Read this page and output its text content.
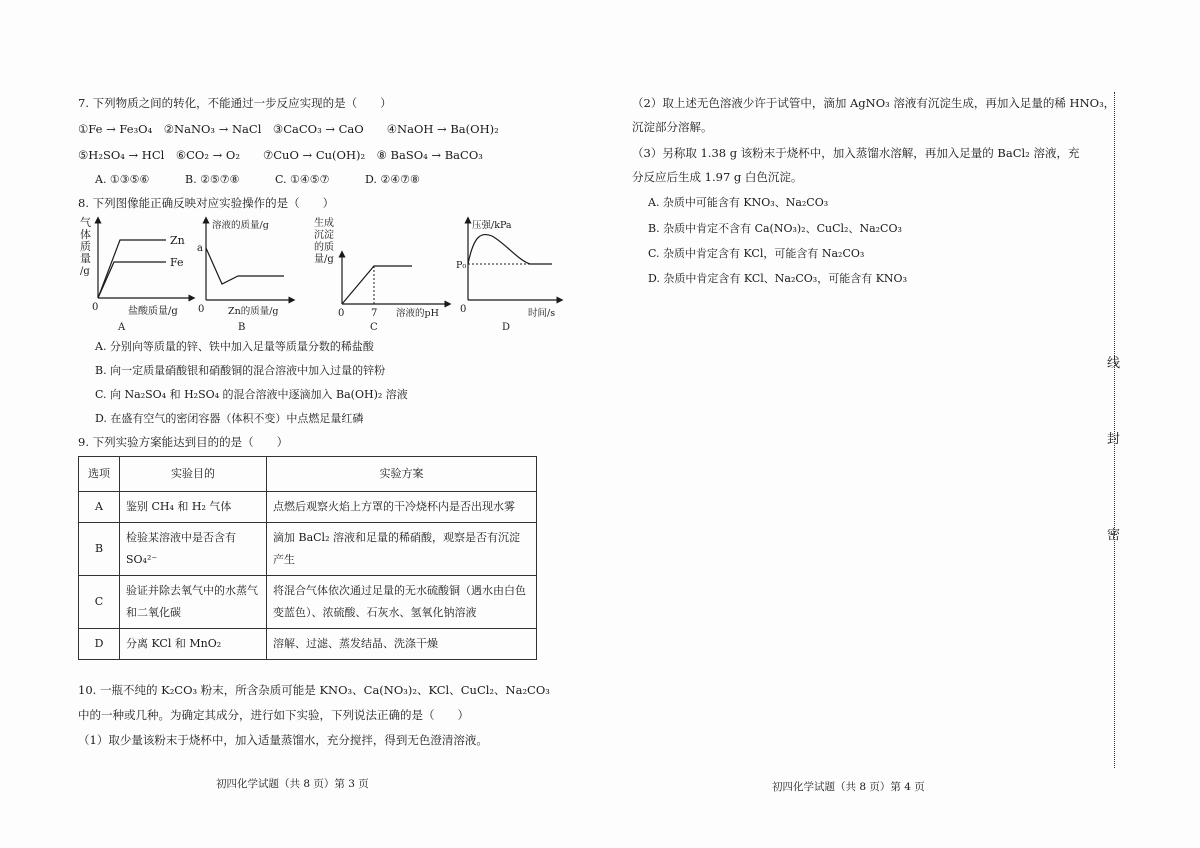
7. 下列物质之间的转化，不能通过一步反应实现的是（　　）
①Fe → Fe₃O₄　②NaNO₃ → NaCl　③CaCO₃ → CaO　　④NaOH → Ba(OH)₂
⑤H₂SO₄ → HCl　⑥CO₂ → O₂　　⑦CuO → Cu(OH)₂　⑧ BaSO₄ → BaCO₃
A. ①③⑤⑥	B. ②⑤⑦⑧	C. ①④⑤⑦	D. ②④⑦⑧
8. 下列图像能正确反映对应实验操作的是（　　）
气
体
质
量
/g
Zn
Fe
0	盐酸质量/g
A
溶液的质量/g
a
0 Zn的质量/g
B
生成
沉淀
的质
量/g
0	7 溶液的pH
C
压强/kPa
P₀
0	时间/s
D
A. 分别向等质量的锌、铁中加入足量等质量分数的稀盐酸
B. 向一定质量硝酸银和硝酸铜的混合溶液中加入过量的锌粉
C. 向 Na₂SO₄ 和 H₂SO₄ 的混合溶液中逐滴加入 Ba(OH)₂ 溶液
D. 在盛有空气的密闭容器（体积不变）中点燃足量红磷
9. 下列实验方案能达到目的的是（　　）
选项	实验目的	实验方案
A	鉴别 CH₄ 和 H₂ 气体	点燃后观察火焰上方罩的干冷烧杯内是否出现水雾
B	检验某溶液中是否含有 SO₄²⁻	滴加 BaCl₂ 溶液和足量的稀硝酸，观察是否有沉淀产生
C	验证并除去氧气中的水蒸气和二氧化碳	将混合气体依次通过足量的无水硫酸铜（遇水由白色变蓝色）、浓硫酸、石灰水、氢氧化钠溶液
D	分离 KCl 和 MnO₂	溶解、过滤、蒸发结晶、洗涤干燥
10. 一瓶不纯的 K₂CO₃ 粉末，所含杂质可能是 KNO₃、Ca(NO₃)₂、KCl、CuCl₂、Na₂CO₃
中的一种或几种。为确定其成分，进行如下实验，下列说法正确的是（　　）
（1）取少量该粉末于烧杯中，加入适量蒸馏水，充分搅拌，得到无色澄清溶液。
初四化学试题（共 8 页）第 3 页
（2）取上述无色溶液少许于试管中，滴加 AgNO₃ 溶液有沉淀生成，再加入足量的稀 HNO₃，
沉淀部分溶解。
（3）另称取 1.38 g 该粉末于烧杯中，加入蒸馏水溶解，再加入足量的 BaCl₂ 溶液，充
分反应后生成 1.97 g 白色沉淀。
A. 杂质中可能含有 KNO₃、Na₂CO₃
B. 杂质中肯定不含有 Ca(NO₃)₂、CuCl₂、Na₂CO₃
C. 杂质中肯定含有 KCl，可能含有 Na₂CO₃
D. 杂质中肯定含有 KCl、Na₂CO₃，可能含有 KNO₃
初四化学试题（共 8 页）第 4 页
线
封
密
